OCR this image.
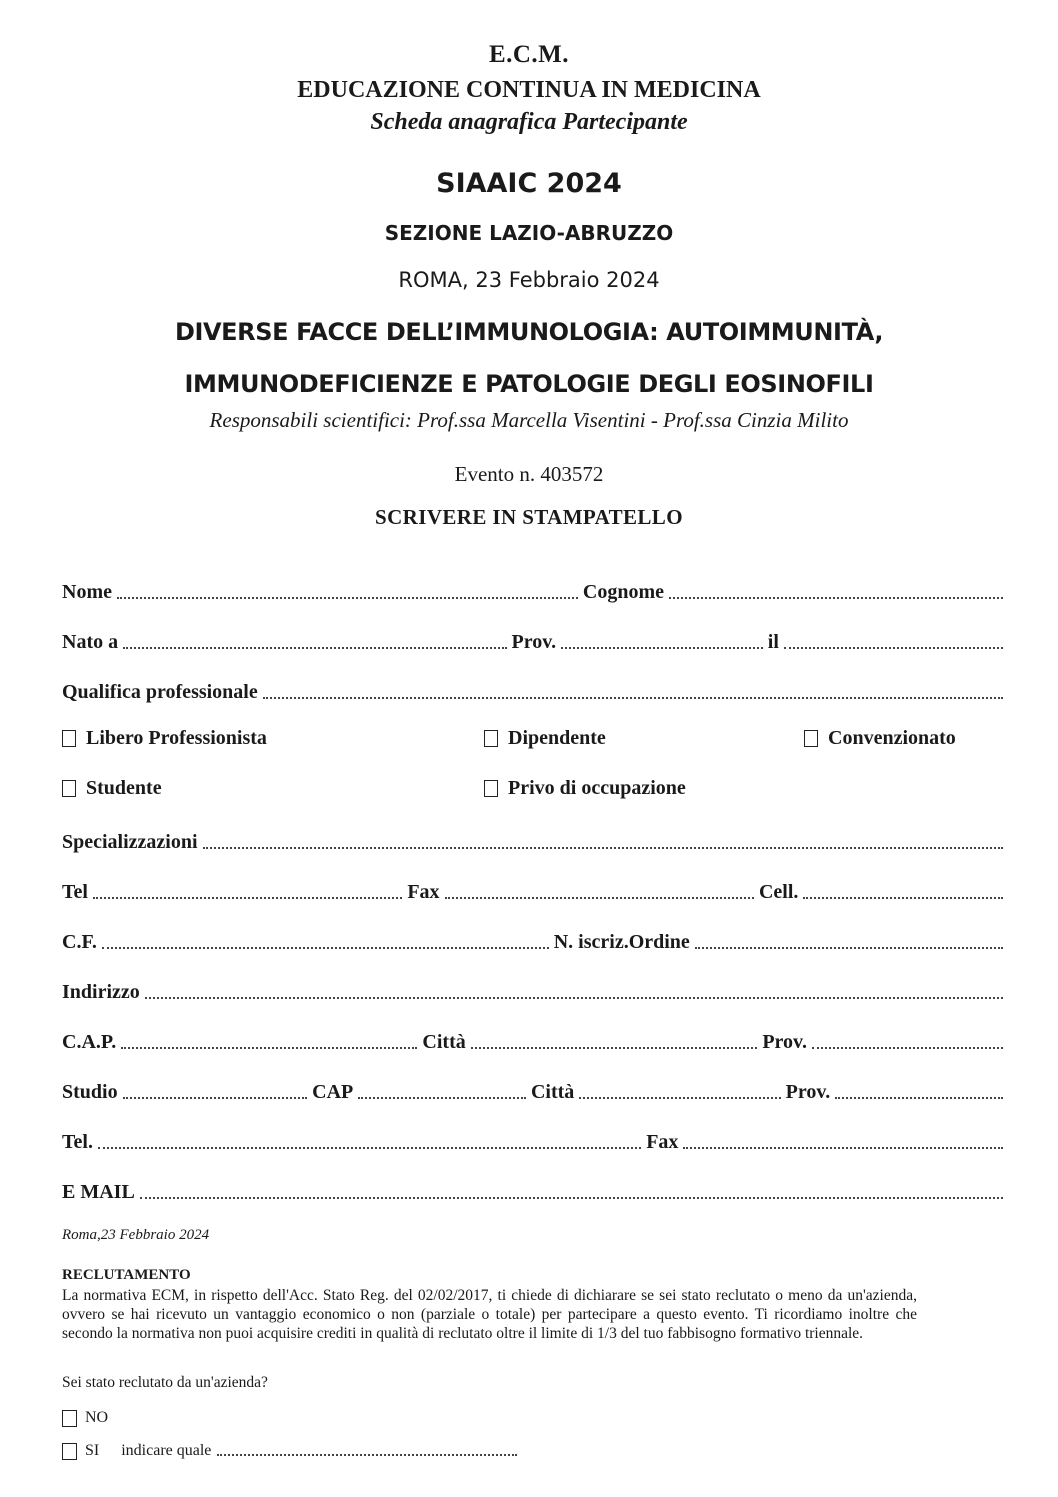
E.C.M.
EDUCAZIONE CONTINUA IN MEDICINA
Scheda anagrafica Partecipante
SIAAIC 2024
SEZIONE LAZIO-ABRUZZO
ROMA, 23 Febbraio 2024
DIVERSE FACCE DELL’IMMUNOLOGIA: AUTOIMMUNITÀ,
IMMUNODEFICIENZE E PATOLOGIE DEGLI EOSINOFILI
Responsabili scientifici: Prof.ssa Marcella Visentini - Prof.ssa Cinzia Milito
Evento n. 403572
SCRIVERE IN STAMPATELLO
Nome	Cognome
Nato a	Prov.	il
Qualifica professionale
Libero Professionista	Dipendente	Convenzionato
Studente	Privo di occupazione
Specializzazioni
Tel	Fax	Cell.
C.F.	N. iscriz.Ordine
Indirizzo
C.A.P.	Città	Prov.
Studio	CAP	Città	Prov.
Tel.	Fax
E MAIL
Roma,23 Febbraio 2024
RECLUTAMENTO
La normativa ECM, in rispetto dell'Acc. Stato Reg. del 02/02/2017, ti chiede di dichiarare se sei stato reclutato o meno da un'azienda, ovvero se hai ricevuto un vantaggio economico o non (parziale o totale) per partecipare a questo evento. Ti ricordiamo inoltre che secondo la normativa non puoi acquisire crediti in qualità di reclutato oltre il limite di 1/3 del tuo fabbisogno formativo triennale.
Sei stato reclutato da un'azienda?
NO
SI indicare quale
